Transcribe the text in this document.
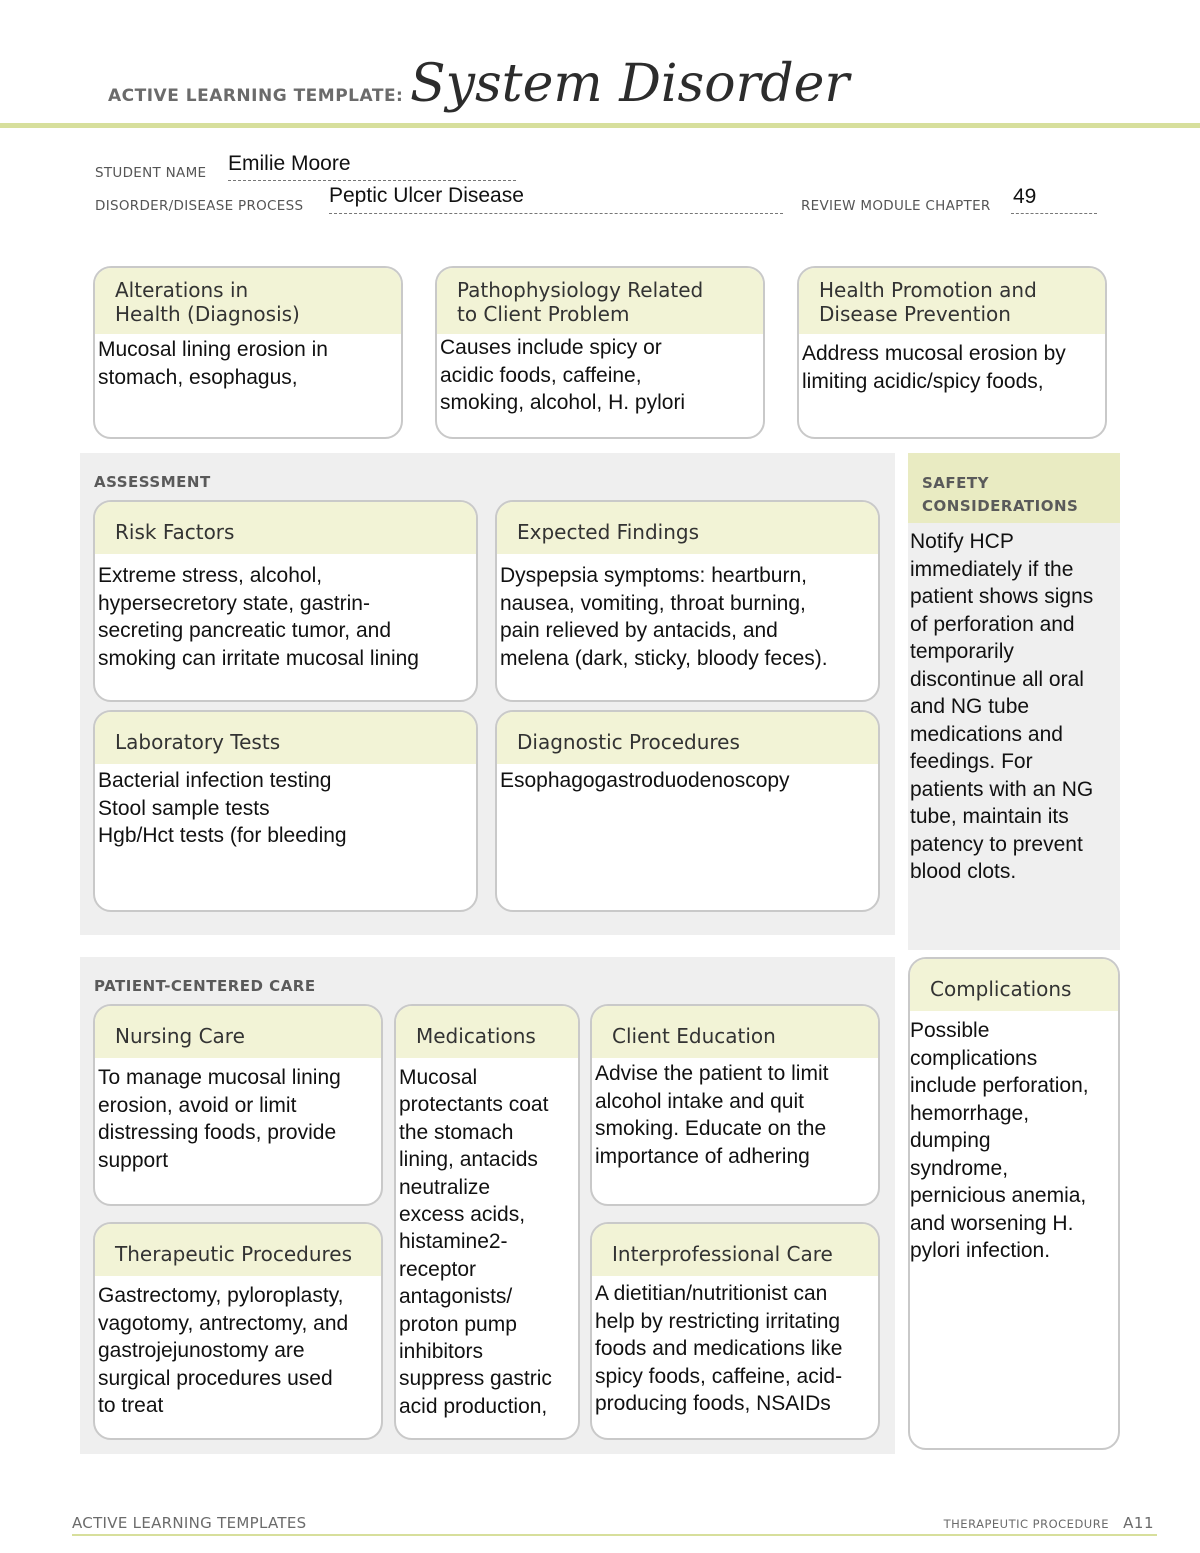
ACTIVE LEARNING TEMPLATE: System Disorder
STUDENT NAME Emilie Moore
DISORDER/DISEASE PROCESS Peptic Ulcer Disease	REVIEW MODULE CHAPTER 49
Alterations in
Health (Diagnosis)
Mucosal lining erosion in
stomach, esophagus,
Pathophysiology Related
to Client Problem
Causes include spicy or
acidic foods, caffeine,
smoking, alcohol, H. pylori
Health Promotion and
Disease Prevention
Address mucosal erosion by
limiting acidic/spicy foods,
ASSESSMENT
Risk Factors
Extreme stress, alcohol,
hypersecretory state, gastrin-
secreting pancreatic tumor, and
smoking can irritate mucosal lining
Expected Findings
Dyspepsia symptoms: heartburn,
nausea, vomiting, throat burning,
pain relieved by antacids, and
melena (dark, sticky, bloody feces).
Laboratory Tests
Bacterial infection testing
Stool sample tests
Hgb/Hct tests (for bleeding
Diagnostic Procedures
Esophagogastroduodenoscopy
SAFETY
CONSIDERATIONS
Notify HCP
immediately if the
patient shows signs
of perforation and
temporarily
discontinue all oral
and NG tube
medications and
feedings. For
patients with an NG
tube, maintain its
patency to prevent
blood clots.
PATIENT-CENTERED CARE
Nursing Care
To manage mucosal lining
erosion, avoid or limit
distressing foods, provide
support
Medications
Mucosal
protectants coat
the stomach
lining, antacids
neutralize
excess acids,
histamine2-
receptor
antagonists/
proton pump
inhibitors
suppress gastric
acid production,
Client Education
Advise the patient to limit
alcohol intake and quit
smoking. Educate on the
importance of adhering
Therapeutic Procedures
Gastrectomy, pyloroplasty,
vagotomy, antrectomy, and
gastrojejunostomy are
surgical procedures used
to treat
Interprofessional Care
A dietitian/nutritionist can
help by restricting irritating
foods and medications like
spicy foods, caffeine, acid-
producing foods, NSAIDs
Complications
Possible
complications
include perforation,
hemorrhage,
dumping
syndrome,
pernicious anemia,
and worsening H.
pylori infection.
ACTIVE LEARNING TEMPLATES	THERAPEUTIC PROCEDURE A11
